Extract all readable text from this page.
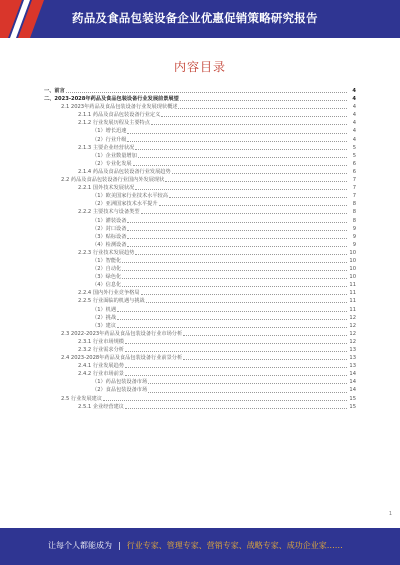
药品及食品包装设备企业优惠促销策略研究报告
内容目录
一、前言	4
二、2023-2028年药品及食品包装设备行业发展前景展望	4
2.1 2023年药品及食品包装设备行业发展现状概述	4
2.1.1 药品及食品包装设备行业定义	4
2.1.2 行业发展历程及主要特点	4
（1）增长迅速	4
（2）行业升级	4
2.1.3 主要企业经营状况	5
（1）企业数量增加	5
（2）专业化发展	6
2.1.4 药品及食品包装设备行业发展趋势	6
2.2 药品及食品包装设备行业国内外发展现状	7
2.2.1 国外技术发展状况	7
（1）欧美国家行业技术水平较高	7
（2）亚洲国家技术水平提升	8
2.2.2 主要技术与设备类型	8
（1）灌装设备	8
（2）封口设备	9
（3）贴标设备	9
（4）检测设备	9
2.2.3 行业技术发展趋势	10
（1）智能化	10
（2）自动化	10
（3）绿色化	10
（4）信息化	11
2.2.4 国内外行业竞争格局	11
2.2.5 行业面临的机遇与挑战	11
（1）机遇	11
（2）挑战	12
（3）建议	12
2.3 2022-2023年药品及食品包装设备行业市场分析	12
2.3.1 行业市场规模	12
2.3.2 行业需求分析	13
2.4 2023-2028年药品及食品包装设备行业前景分析	13
2.4.1 行业发展趋势	13
2.4.2 行业市场前景	14
（1）药品包装设备市场	14
（2）食品包装设备市场	14
2.5 行业发展建议	15
2.5.1 企业经营建议	15
1
让每个人都能成为 | 行业专家、管理专家、营销专家、战略专家、成功企业家……
